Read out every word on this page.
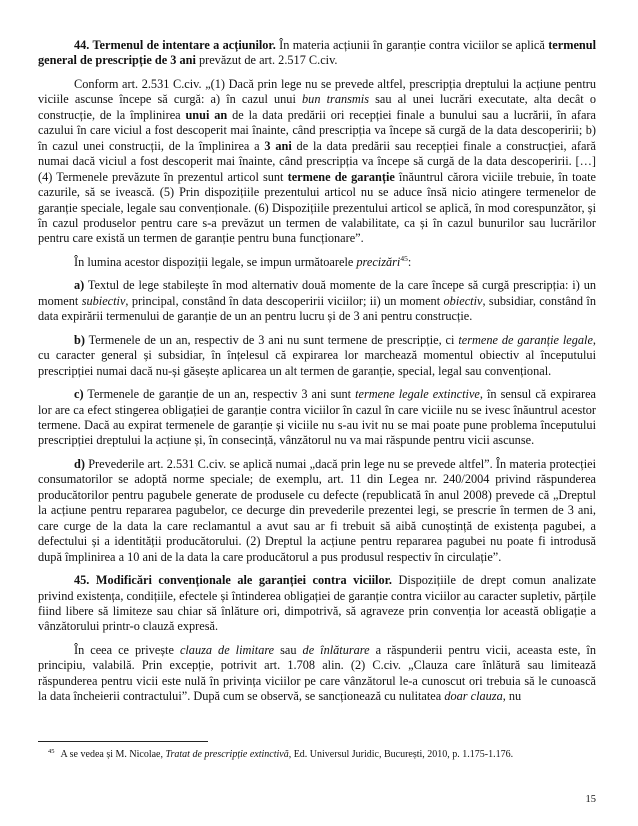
44. Termenul de intentare a acțiunilor. În materia acțiunii în garanție contra viciilor se aplică termenul general de prescripție de 3 ani prevăzut de art. 2.517 C.civ.

Conform art. 2.531 C.civ. „(1) Dacă prin lege nu se prevede altfel, prescripția dreptului la acțiune pentru viciile ascunse începe să curgă: a) în cazul unui bun transmis sau al unei lucrări executate, alta decât o construcție, de la împlinirea unui an de la data predării ori recepției finale a bunului sau a lucrării, în afara cazului în care viciul a fost descoperit mai înainte, când prescripția va începe să curgă de la data descoperirii; b) în cazul unei construcții, de la împlinirea a 3 ani de la data predării sau recepției finale a construcției, afară numai dacă viciul a fost descoperit mai înainte, când prescripția va începe să curgă de la data descoperirii. […](4) Termenele prevăzute în prezentul articol sunt termene de garanție înăuntrul cărora viciile trebuie, în toate cazurile, să se ivească. (5) Prin dispozițiile prezentului articol nu se aduce însă nicio atingere termenelor de garanție speciale, legale sau convenționale. (6) Dispozițiile prezentului articol se aplică, în mod corespunzător, și în cazul produselor pentru care s-a prevăzut un termen de valabilitate, ca și în cazul bunurilor sau lucrărilor pentru care există un termen de garanție pentru buna funcționare”.

În lumina acestor dispoziții legale, se impun următoarele precizări$^{45}$:

a) Textul de lege stabilește în mod alternativ două momente de la care începe să curgă prescripția: i) un moment subiectiv, principal, constând în data descoperirii viciilor; ii) un moment obiectiv, subsidiar, constând în data expirării termenului de garanție de un an pentru lucru și de 3 ani pentru construcție.

b) Termenele de un an, respectiv de 3 ani nu sunt termene de prescripție, ci termene de garanție legale, cu caracter general și subsidiar, în înțelesul că expirarea lor marchează momentul obiectiv al începutului prescripției numai dacă nu-și găsește aplicarea un alt termen de garanție, special, legal sau convențional.

c) Termenele de garanție de un an, respectiv 3 ani sunt termene legale extinctive, în sensul că expirarea lor are ca efect stingerea obligației de garanție contra viciilor în cazul în care viciile nu se ivesc înăuntrul acestor termene. Dacă au expirat termenele de garanție și viciile nu s-au ivit nu se mai poate pune problema începutului prescripției dreptului la acțiune și, în consecință, vânzătorul nu va mai răspunde pentru vicii ascunse.

d) Prevederile art. 2.531 C.civ. se aplică numai „dacă prin lege nu se prevede altfel”. În materia protecției consumatorilor se adoptă norme speciale; de exemplu, art. 11 din Legea nr. 240/2004 privind răspunderea producătorilor pentru pagubele generate de produsele cu defecte (republicată în anul 2008) prevede că „Dreptul la acțiune pentru repararea pagubelor, ce decurge din prevederile prezentei legi, se prescrie în termen de 3 ani, care curge de la data la care reclamantul a avut sau ar fi trebuit să aibă cunoștință de existența pagubei, a defectului și a identității producătorului. (2) Dreptul la acțiune pentru repararea pagubei nu poate fi introdusă după împlinirea a 10 ani de la data la care producătorul a pus produsul respectiv în circulație”.

45. Modificări convenționale ale garanției contra viciilor. Dispozițiile de drept comun analizate privind existența, condițiile, efectele și întinderea obligației de garanție contra viciilor au caracter supletiv, părțile fiind libere să limiteze sau chiar să înlăture ori, dimpotrivă, să agraveze prin convenția lor această obligație a vânzătorului printr-o clauză expresă.

În ceea ce privește clauza de limitare sau de înlăturare a răspunderii pentru vicii, aceasta este, în principiu, valabilă. Prin excepție, potrivit art. 1.708 alin. (2) C.civ. „Clauza care înlătură sau limitează răspunderea pentru vicii este nulă în privința viciilor pe care vânzătorul le-a cunoscut ori trebuia să le cunoască la data încheierii contractului”. După cum se observă, se sancționează cu nulitatea doar clauza, nu

$^{45}$ A se vedea și M. Nicolae, Tratat de prescripție extinctivă, Ed. Universul Juridic, București, 2010, p. 1.175-1.176.
15
